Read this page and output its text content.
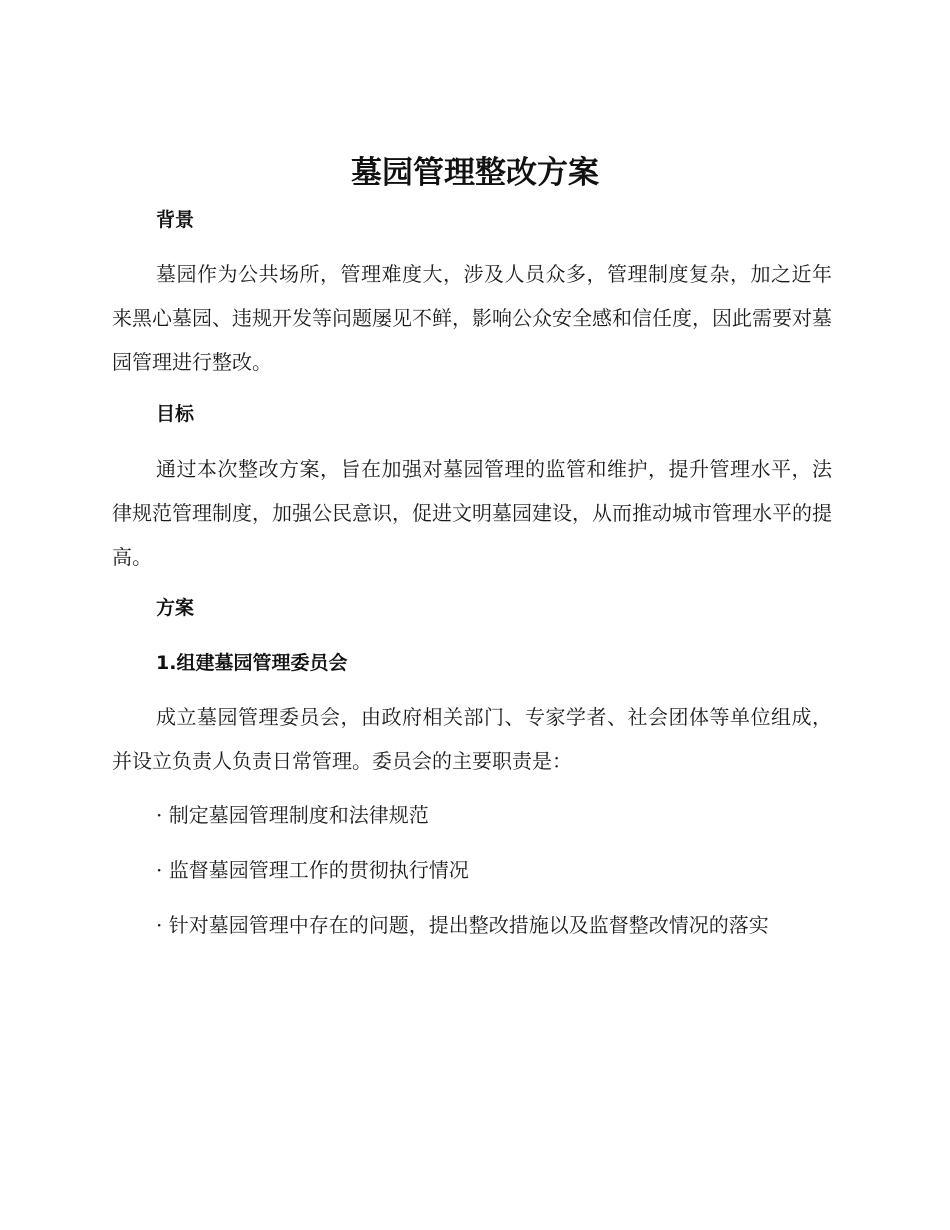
墓园管理整改方案
背景

墓园作为公共场所，管理难度大，涉及人员众多，管理制度复杂，加之近年来黑心墓园、违规开发等问题屡见不鲜，影响公众安全感和信任度，因此需要对墓园管理进行整改。

目标

通过本次整改方案，旨在加强对墓园管理的监管和维护，提升管理水平，法律规范管理制度，加强公民意识，促进文明墓园建设，从而推动城市管理水平的提高。

方案
1.组建墓园管理委员会

成立墓园管理委员会，由政府相关部门、专家学者、社会团体等单位组成，并设立负责人负责日常管理。委员会的主要职责是：

· 制定墓园管理制度和法律规范

· 监督墓园管理工作的贯彻执行情况

· 针对墓园管理中存在的问题，提出整改措施以及监督整改情况的落实
